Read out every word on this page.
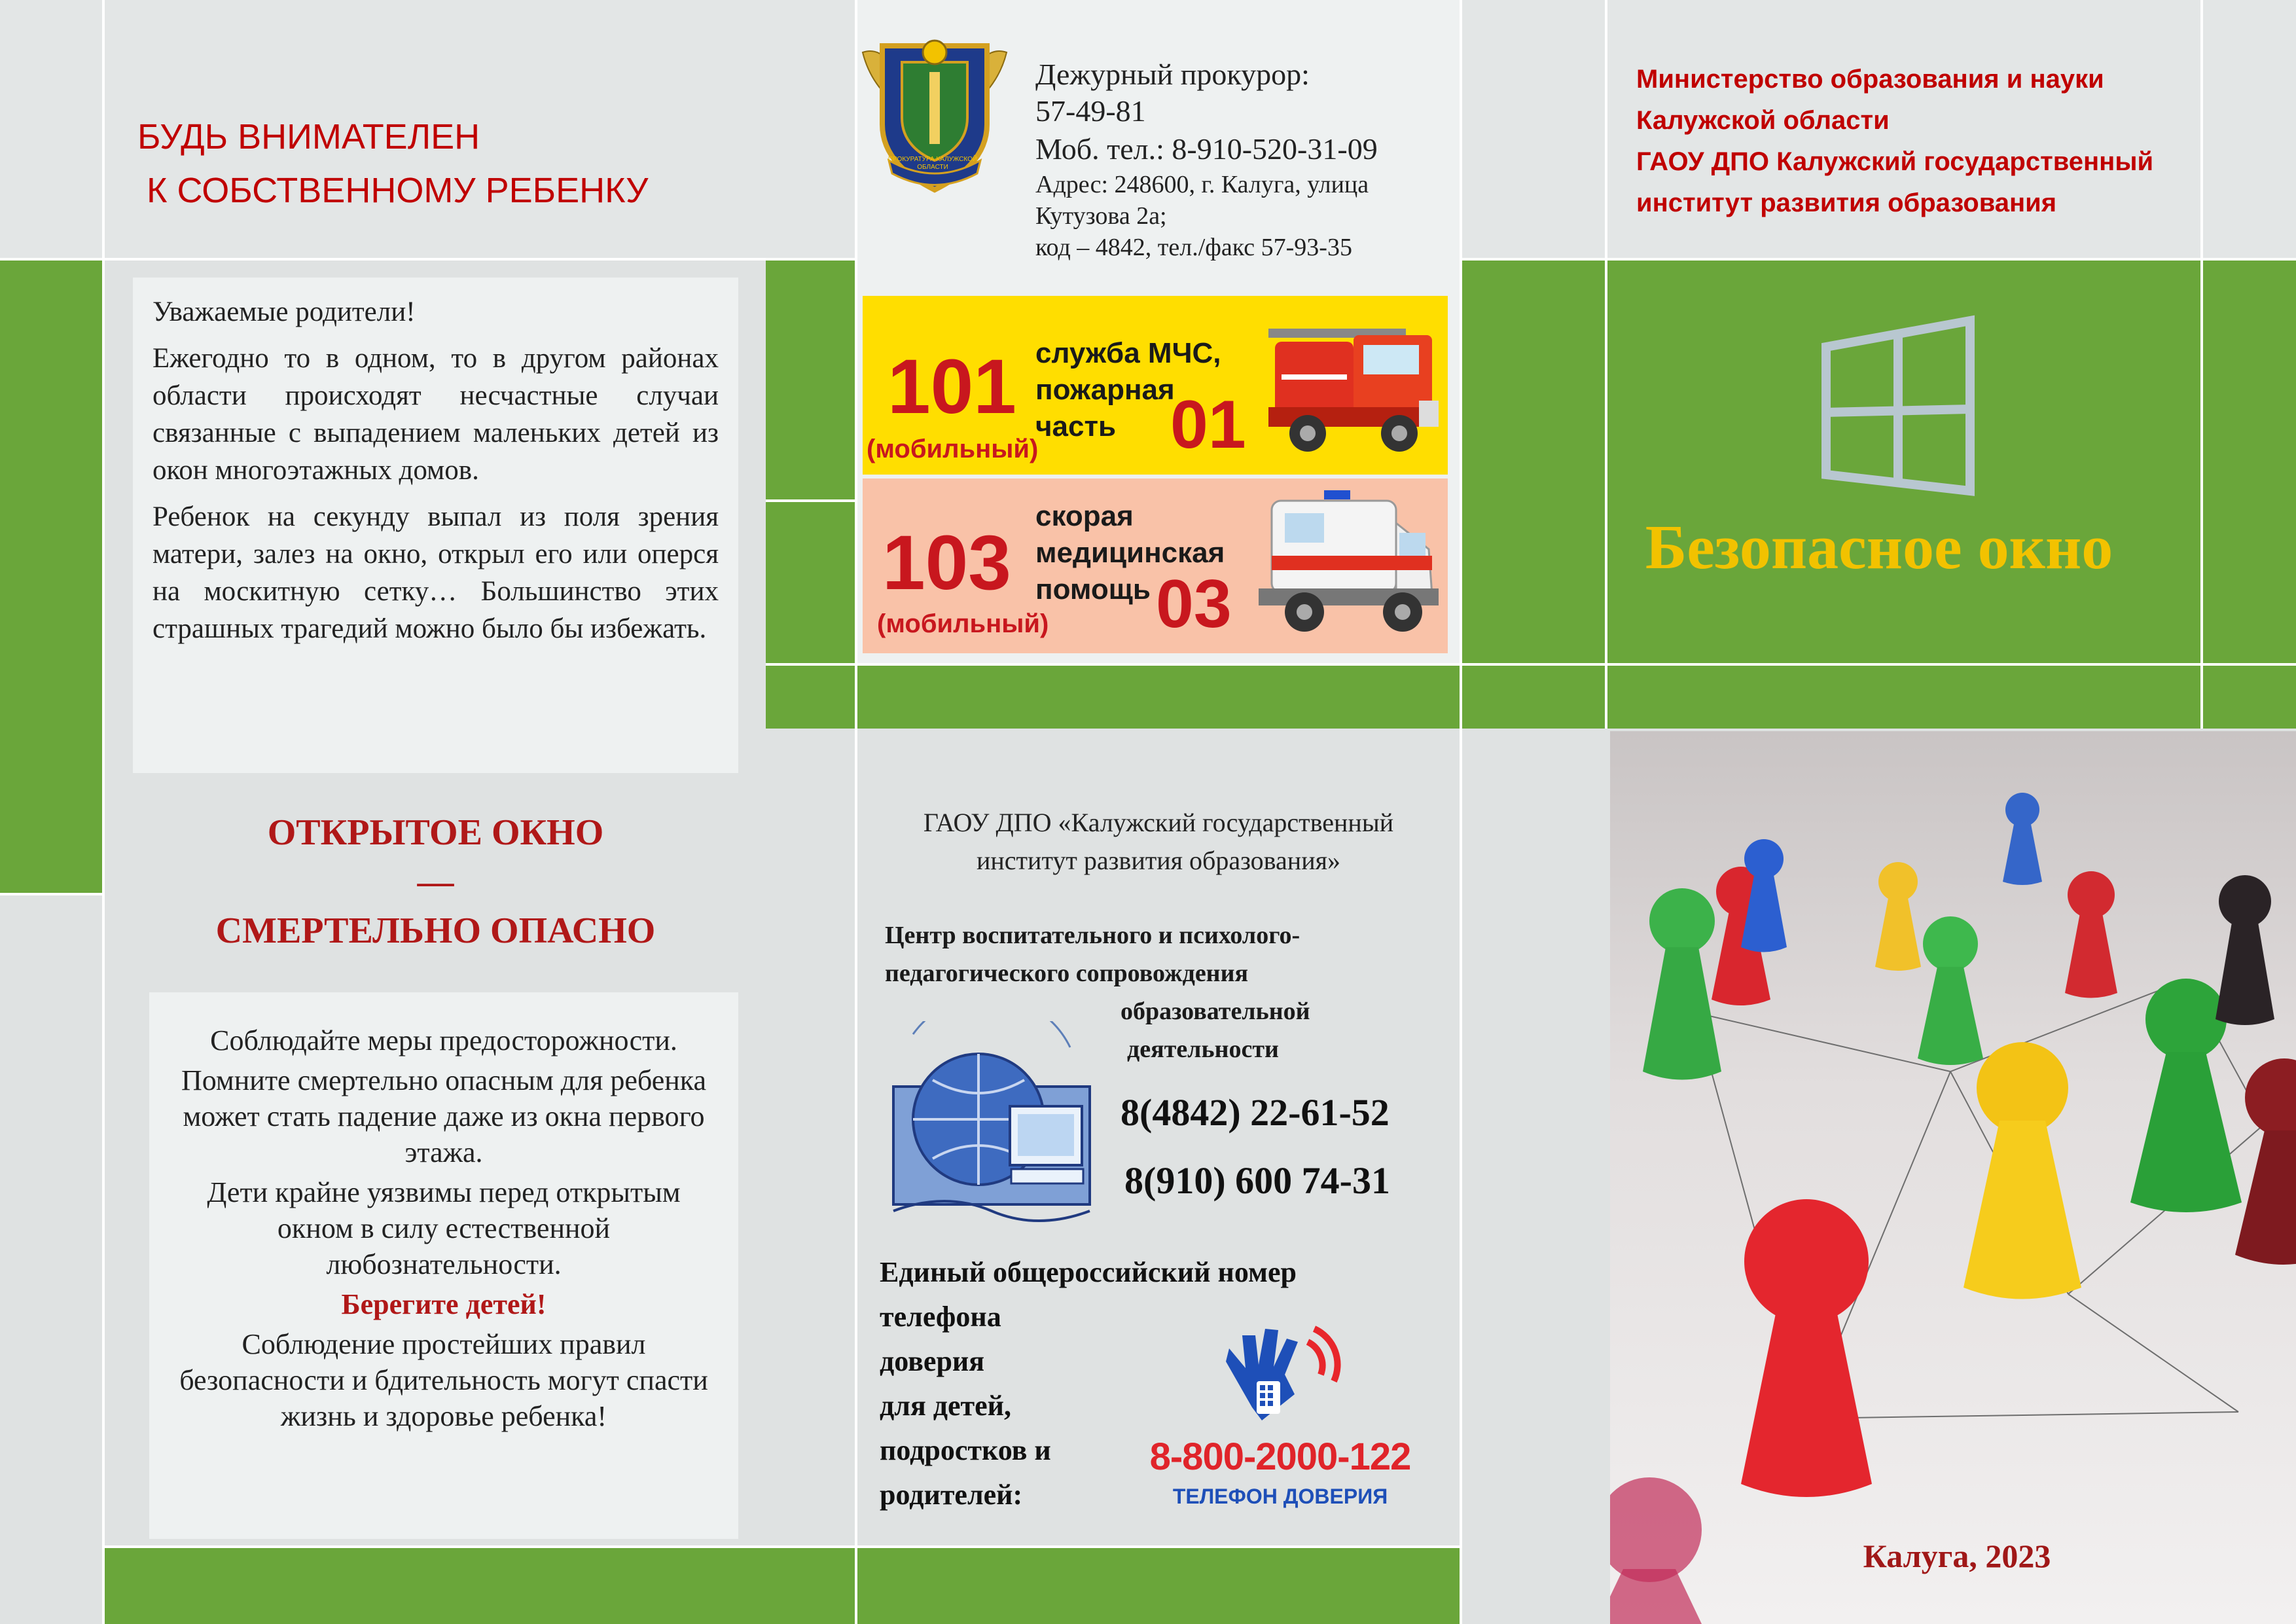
БУДЬ ВНИМАТЕЛЕН
К СОБСТВЕННОМУ РЕБЕНКУ

Уважаемые родители!

Ежегодно то в одном, то в другом районах области происходят несчастные случаи связанные с выпадением маленьких детей из окон многоэтажных домов.

Ребенок на секунду выпал из поля зрения матери, залез на окно, открыл его или оперся на москитную сетку… Большинство этих страшных трагедий можно было бы избежать.

ОТКРЫТОЕ ОКНО
—
СМЕРТЕЛЬНО ОПАСНО

Соблюдайте меры предосторожности.

Помните смертельно опасным для ребенка может стать падение даже из окна первого этажа.

Дети крайне уязвимы перед открытым окном в силу естественной любознательности.

Берегите детей!

Соблюдение простейших правил безопасности и бдительность могут спасти жизнь и здоровье ребенка!

ПРОКУРАТУРА КАЛУЖСКОЙ ОБЛАСТИ
Дежурный прокурор:
57-49-81
Моб. тел.: 8-910-520-31-09
Адрес: 248600, г. Калуга, улица
Кутузова 2а;
код – 4842, тел./факс 57-93-35
101
(мобильный)
служба МЧС,
пожарная
часть 01
103
(мобильный)
скорая
медицинская
помощь 03
ГАОУ ДПО «Калужский государственный
институт развития образования»
Центр воспитательного и психолого-
педагогического сопровождения
образовательной
деятельности
8(4842) 22-61-52
8(910) 600 74-31
Единый общероссийский номер
телефона
доверия
для детей,
подростков и
родителей:
8-800-2000-122
ТЕЛЕФОН ДОВЕРИЯ
Министерство образования и науки
Калужской области
ГАОУ ДПО Калужский государственный
институт развития образования
Безопасное окно
Калуга, 2023
